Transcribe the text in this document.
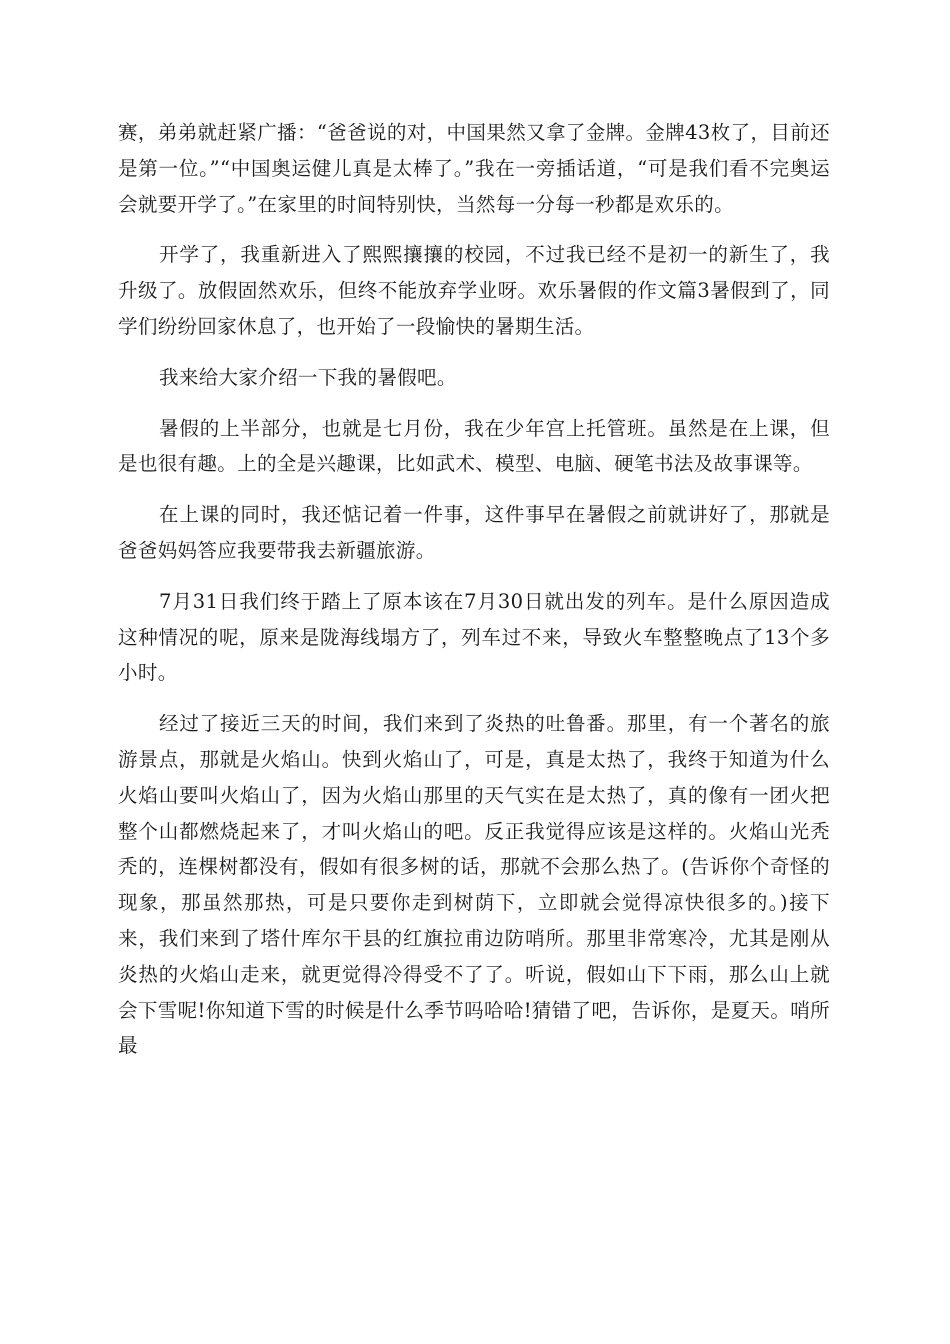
赛，弟弟就赶紧广播：“爸爸说的对，中国果然又拿了金牌。金牌43枚了，目前还是第一位。”“中国奥运健儿真是太棒了。”我在一旁插话道，“可是我们看不完奥运会就要开学了。”在家里的时间特别快，当然每一分每一秒都是欢乐的。

开学了，我重新进入了熙熙攘攘的校园，不过我已经不是初一的新生了，我升级了。放假固然欢乐，但终不能放弃学业呀。欢乐暑假的作文篇3暑假到了，同学们纷纷回家休息了，也开始了一段愉快的暑期生活。

我来给大家介绍一下我的暑假吧。

暑假的上半部分，也就是七月份，我在少年宫上托管班。虽然是在上课，但是也很有趣。上的全是兴趣课，比如武术、模型、电脑、硬笔书法及故事课等。

在上课的同时，我还惦记着一件事，这件事早在暑假之前就讲好了，那就是爸爸妈妈答应我要带我去新疆旅游。

7月31日我们终于踏上了原本该在7月30日就出发的列车。是什么原因造成这种情况的呢，原来是陇海线塌方了，列车过不来，导致火车整整晚点了13个多小时。

经过了接近三天的时间，我们来到了炎热的吐鲁番。那里，有一个著名的旅游景点，那就是火焰山。快到火焰山了，可是，真是太热了，我终于知道为什么火焰山要叫火焰山了，因为火焰山那里的天气实在是太热了，真的像有一团火把整个山都燃烧起来了，才叫火焰山的吧。反正我觉得应该是这样的。火焰山光秃秃的，连棵树都没有，假如有很多树的话，那就不会那么热了。(告诉你个奇怪的现象，那虽然那热，可是只要你走到树荫下，立即就会觉得凉快很多的。)接下来，我们来到了塔什库尔干县的红旗拉甫边防哨所。那里非常寒冷，尤其是刚从炎热的火焰山走来，就更觉得冷得受不了了。听说，假如山下下雨，那么山上就会下雪呢!你知道下雪的时候是什么季节吗哈哈!猜错了吧，告诉你，是夏天。哨所最
